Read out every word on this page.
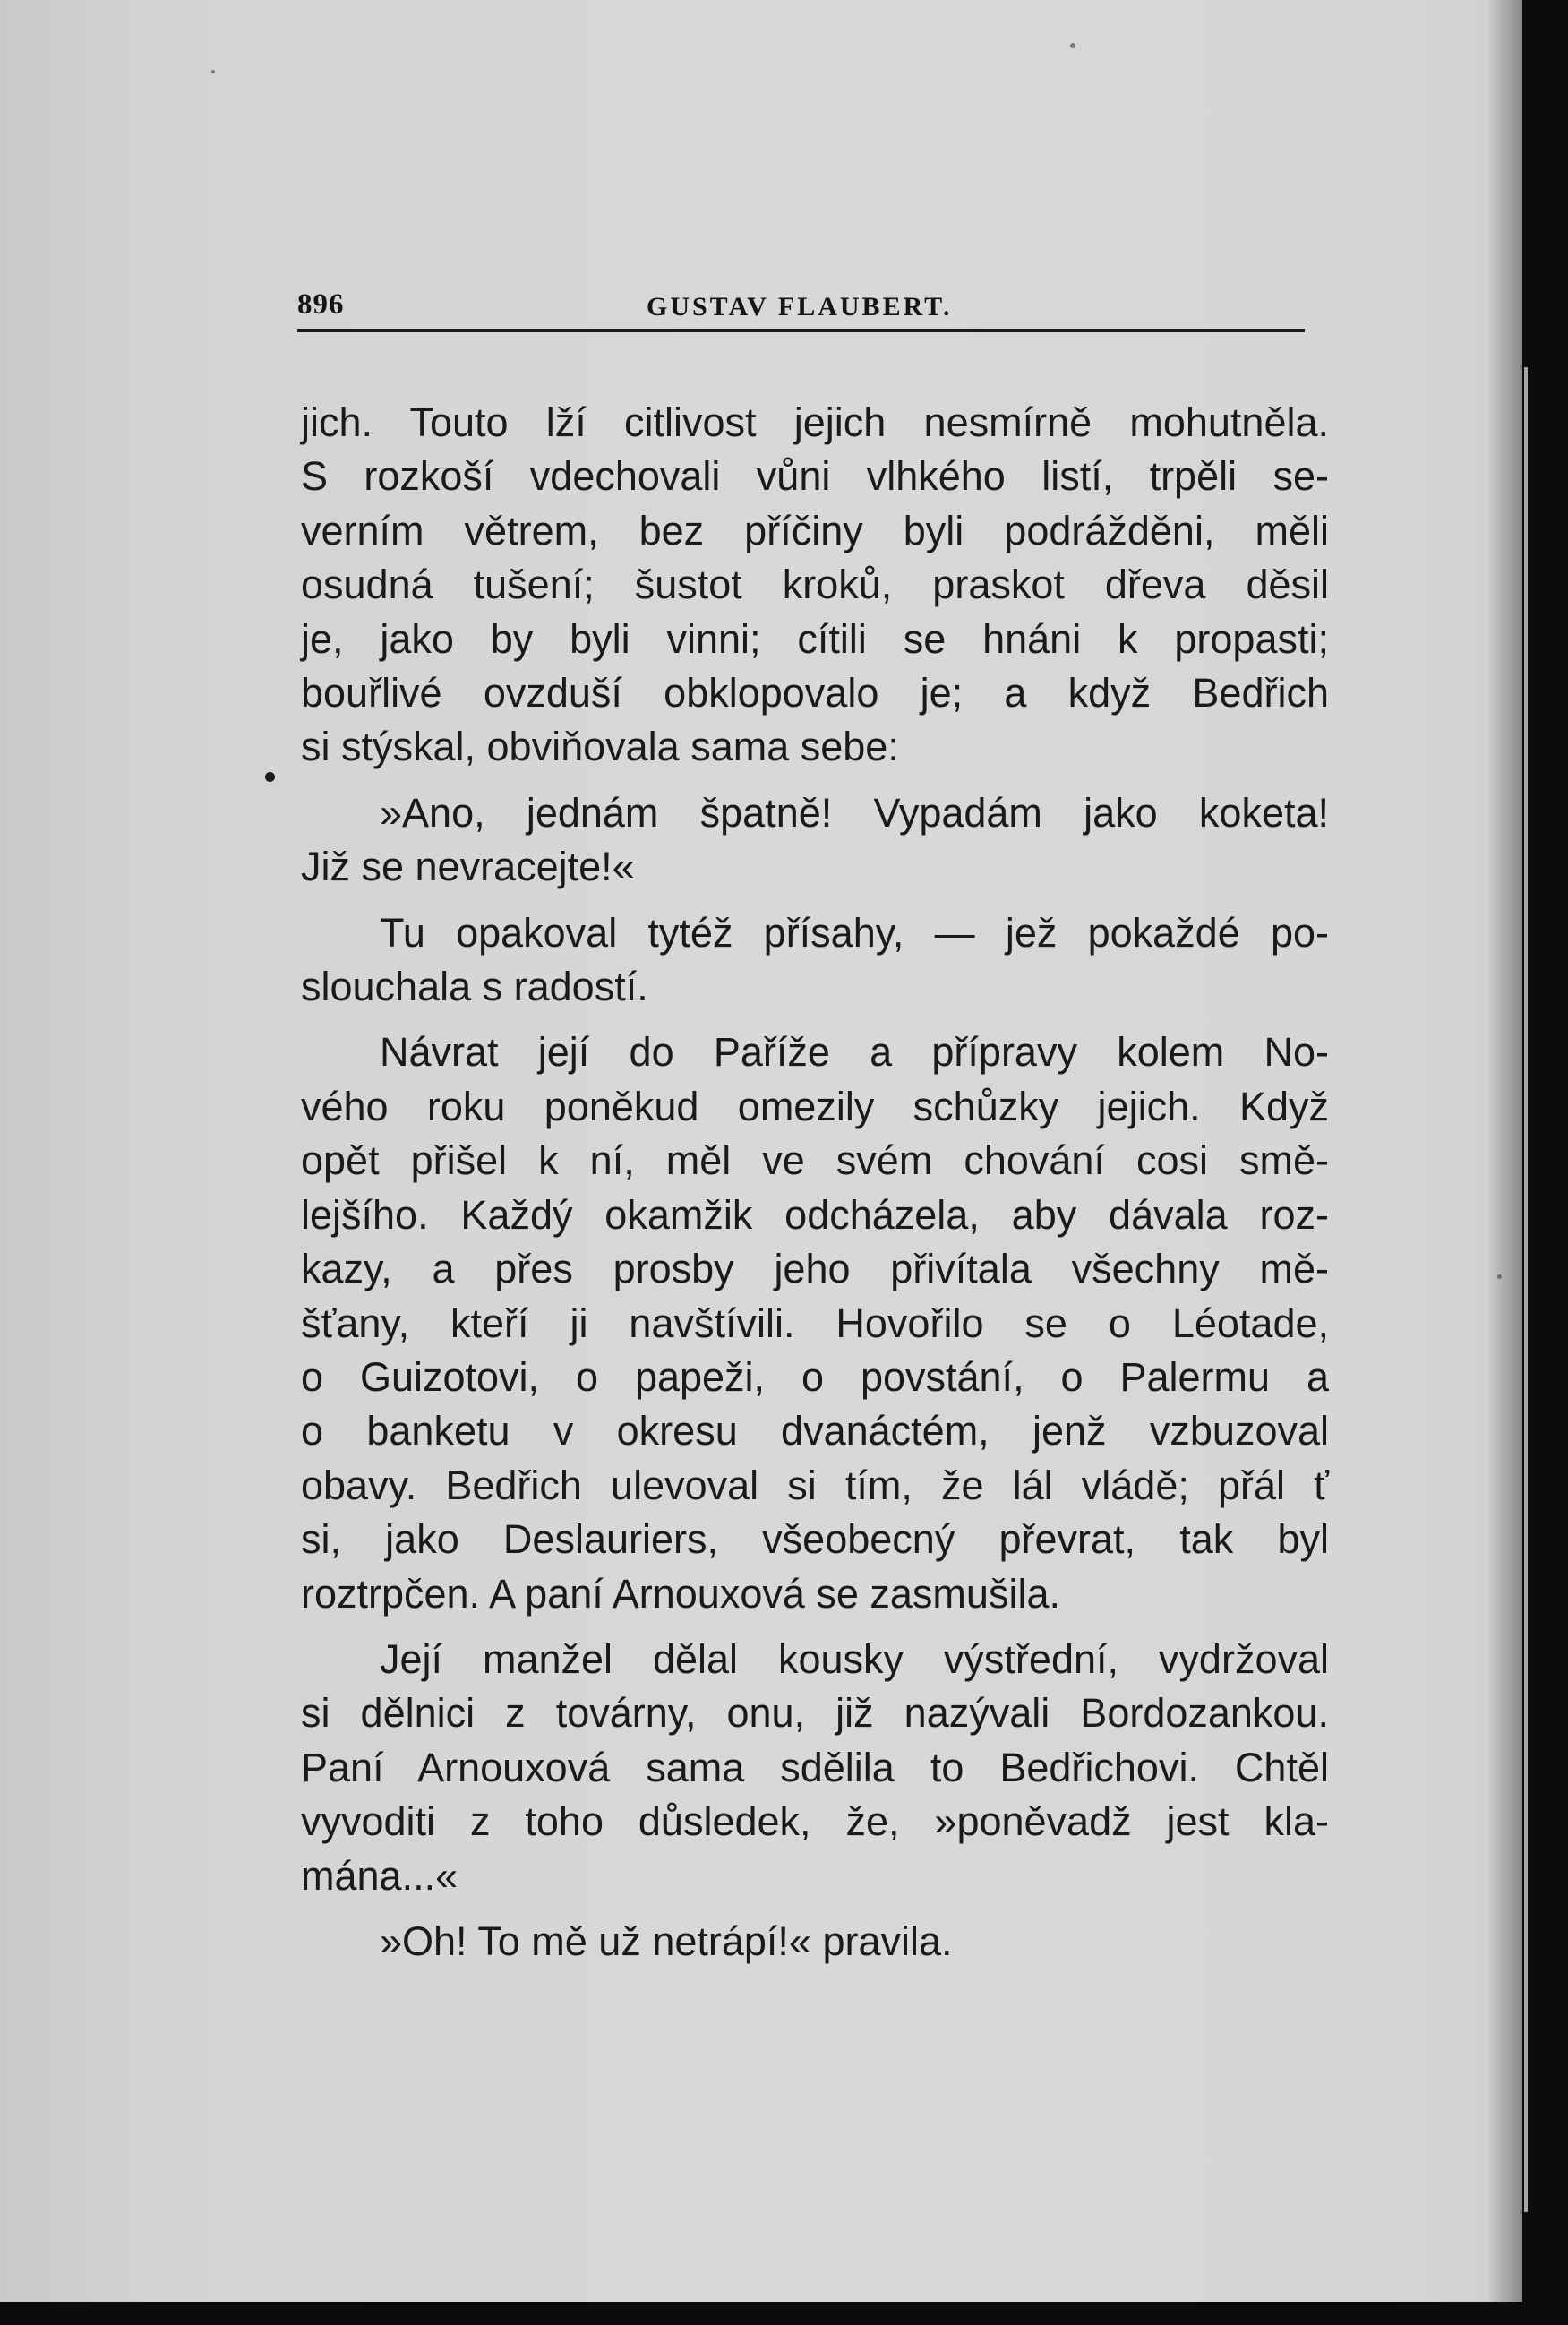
896	GUSTAV FLAUBERT.
jich. Touto lží citlivost jejich nesmírně mohutněla.
S rozkoší vdechovali vůni vlhkého listí, trpěli se-
verním větrem, bez příčiny byli podrážděni, měli
osudná tušení; šustot kroků, praskot dřeva děsil
je, jako by byli vinni; cítili se hnáni k propasti;
bouřlivé ovzduší obklopovalo je; a když Bedřich
si stýskal, obviňovala sama sebe:
»Ano, jednám špatně! Vypadám jako koketa!
Již se nevracejte!«
Tu opakoval tytéž přísahy, — jež pokaždé po-
slouchala s radostí.
Návrat její do Paříže a přípravy kolem No-
vého roku poněkud omezily schůzky jejich. Když
opět přišel k ní, měl ve svém chování cosi smě-
lejšího. Každý okamžik odcházela, aby dávala roz-
kazy, a přes prosby jeho přivítala všechny mě-
šťany, kteří ji navštívili. Hovořilo se o Léotade,
o Guizotovi, o papeži, o povstání, o Palermu a
o banketu v okresu dvanáctém, jenž vzbuzoval
obavy. Bedřich ulevoval si tím, že lál vládě; přál ť
si, jako Deslauriers, všeobecný převrat, tak byl
roztrpčen. A paní Arnouxová se zasmušila.
Její manžel dělal kousky výstřední, vydržoval
si dělnici z továrny, onu, již nazývali Bordozankou.
Paní Arnouxová sama sdělila to Bedřichovi. Chtěl
vyvoditi z toho důsledek, že, »poněvadž jest kla-
mána...«
»Oh! To mě už netrápí!« pravila.
